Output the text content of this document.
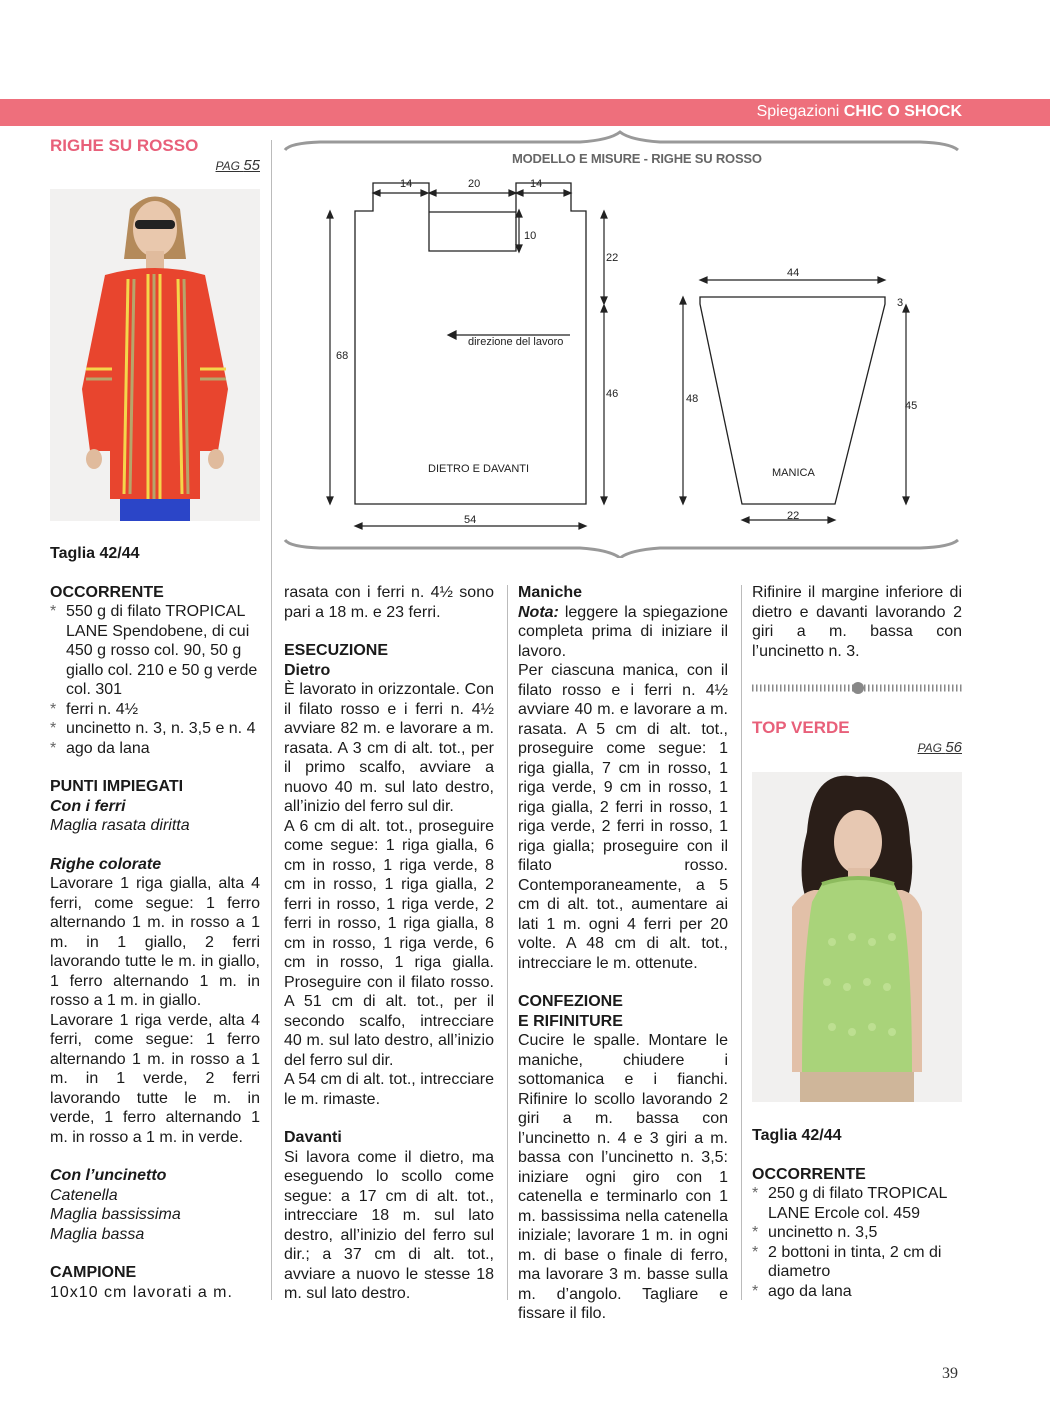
Spiegazioni CHIC O SHOCK
RIGHE SU ROSSO
PAG 55
Taglia 42/44
OCCORRENTE
* 550 g di filato TROPICAL LANE Spendobene, di cui 450 g rosso col. 90, 50 g giallo col. 210 e 50 g verde col. 301
* ferri n. 4½
* uncinetto n. 3, n. 3,5 e n. 4
* ago da lana
PUNTI IMPIEGATI

Con i ferri

Maglia rasata diritta

Righe colorate

Lavorare 1 riga gialla, alta 4 ferri, come segue: 1 ferro alternando 1 m. in rosso a 1 m. in 1 giallo, 2 ferri lavorando tutte le m. in giallo, 1 ferro alternando 1 m. in rosso a 1 m. in giallo.

Lavorare 1 riga verde, alta 4 ferri, come segue: 1 ferro alternando 1 m. in rosso a 1 m. in 1 verde, 2 ferri lavorando tutte le m. in verde, 1 ferro alternando 1 m. in rosso a 1 m. in verde.

Con l’uncinetto

Catenella

Maglia bassissima

Maglia bassa

CAMPIONE

10x10 cm lavorati a m.

MODELLO E MISURE - RIGHE SU ROSSO
14	20	14
10
22
68
46
54
direzione del lavoro
DIETRO E DAVANTI
44
3
48
45
MANICA
22

rasata con i ferri n. 4½ sono pari a 18 m. e 23 ferri.

ESECUZIONE
Dietro

È lavorato in orizzontale. Con il filato rosso e i ferri n. 4½ avviare 82 m. e lavorare a m. rasata. A 3 cm di alt. tot., per il primo scalfo, avviare a nuovo 40 m. sul lato destro, all’inizio del ferro sul dir.

A 6 cm di alt. tot., proseguire come segue: 1 riga gialla, 6 cm in rosso, 1 riga verde, 8 cm in rosso, 1 riga gialla, 2 ferri in rosso, 1 riga verde, 2 ferri in rosso, 1 riga gialla, 8 cm in rosso, 1 riga verde, 6 cm in rosso, 1 riga gialla. Proseguire con il filato rosso. A 51 cm di alt. tot., per il secondo scalfo, intrecciare 40 m. sul lato destro, all’inizio del ferro sul dir.

A 54 cm di alt. tot., intrecciare le m. rimaste.

Davanti

Si lavora come il dietro, ma eseguendo lo scollo come segue: a 17 cm di alt. tot., intrecciare 18 m. sul lato destro, all’inizio del ferro sul dir.; a 37 cm di alt. tot., avviare a nuovo le stesse 18 m. sul lato destro.

Maniche

Nota: leggere la spiegazione completa prima di iniziare il lavoro.

Per ciascuna manica, con il filato rosso e i ferri n. 4½ avviare 40 m. e lavorare a m. rasata. A 5 cm di alt. tot., proseguire come segue: 1 riga gialla, 7 cm in rosso, 1 riga verde, 9 cm in rosso, 1 riga gialla, 2 ferri in rosso, 1 riga verde, 2 ferri in rosso, 1 riga gialla; proseguire con il filato rosso. Contemporaneamente, a 5 cm di alt. tot., aumentare ai lati 1 m. ogni 4 ferri per 20 volte. A 48 cm di alt. tot., intrecciare le m. ottenute.

CONFEZIONE
E RIFINITURE

Cucire le spalle. Montare le maniche, chiudere i sottomanica e i fianchi. Rifinire lo scollo lavorando 2 giri a m. bassa con l’uncinetto n. 4 e 3 giri a m. bassa con l’uncinetto n. 3,5: iniziare ogni giro con 1 catenella e terminarlo con 1 m. bassissima nella catenella iniziale; lavorare 1 m. in ogni m. di base o finale di ferro, ma lavorare 3 m. basse sulla m. d’angolo. Tagliare e fissare il filo.

Rifinire il margine inferiore di dietro e davanti lavorando 2 giri a m. bassa con l’uncinetto n. 3.

TOP VERDE
PAG 56
Taglia 42/44
OCCORRENTE
* 250 g di filato TROPICAL LANE Ercole col. 459
* uncinetto n. 3,5
* 2 bottoni in tinta, 2 cm di diametro
* ago da lana
39
